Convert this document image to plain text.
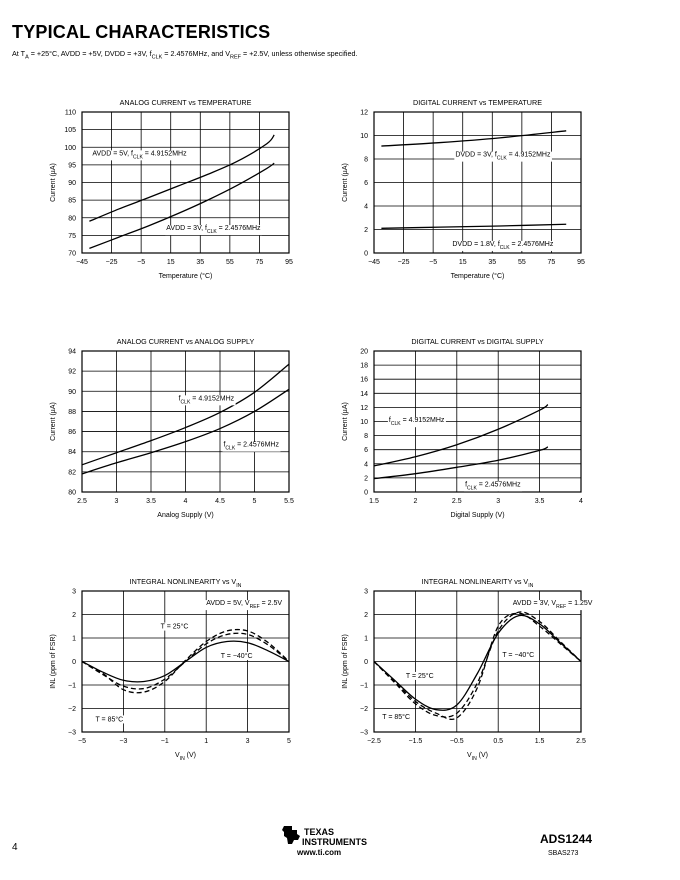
TYPICAL CHARACTERISTICS
At $T_A = +25^\circ C$, AVDD = +5V, DVDD = +3V, $f_{CLK} = 2.4576MHz$, and $V_{REF} = +2.5V$, unless otherwise specified.
−45	−25	−5	15	35	55	75	95
70
75
80
85
90
95
100
105
110
ANALOG CURRENT vs TEMPERATURE
Temperature (°C)
Current (µA)
AVDD = 5V, $f_{CLK} = 4.9152MHz$
AVDD = 3V, $f_{CLK} = 2.4576MHz$
−45	−25	−5	15	35	55	75	95
0
2
4
6
8
10
12
DIGITAL CURRENT vs TEMPERATURE
Temperature (°C)
Current (µA)
DVDD = 3V, $f_{CLK} = 4.9152MHz$
DVDD = 1.8V, $f_{CLK} = 2.4576MHz$
2.5	3	3.5	4	4.5	5	5.5
80
82
84
86
88
90
92
94
ANALOG CURRENT vs ANALOG SUPPLY
Analog Supply (V)
Current (µA)
$f_{CLK} = 4.9152MHz$
$f_{CLK} = 2.4576MHz$
1.5	2	2.5	3	3.5	4
0
2
4
6
8
10
12
14
16
18
20
DIGITAL CURRENT vs DIGITAL SUPPLY
Digital Supply (V)
Current (µA)	$f_{CLK} = 4.9152MHz$
$f_{CLK} = 2.4576MHz$
−5	−3	−1	1	3	5
−3
−2
−1
0
1
2
3
INTEGRAL NONLINEARITY vs $V_{IN}$
$V_{IN}$ (V)
INL (ppm of FSR)
AVDD = 5V, $V_{REF} = 2.5V$
T = 25°C
T = −40°C
T = 85°C
−2.5	−1.5	−0.5	0.5	1.5	2.5
−3
−2
−1
0
1
2
3
INTEGRAL NONLINEARITY vs $V_{IN}$
$V_{IN}$ (V)
INL (ppm of FSR)
AVDD = 3V, $V_{REF} = 1.25V$
T = 25°C
T = −40°C
T = 85°C
4
TEXAS
INSTRUMENTS
www.ti.com
ADS1244
SBAS273
